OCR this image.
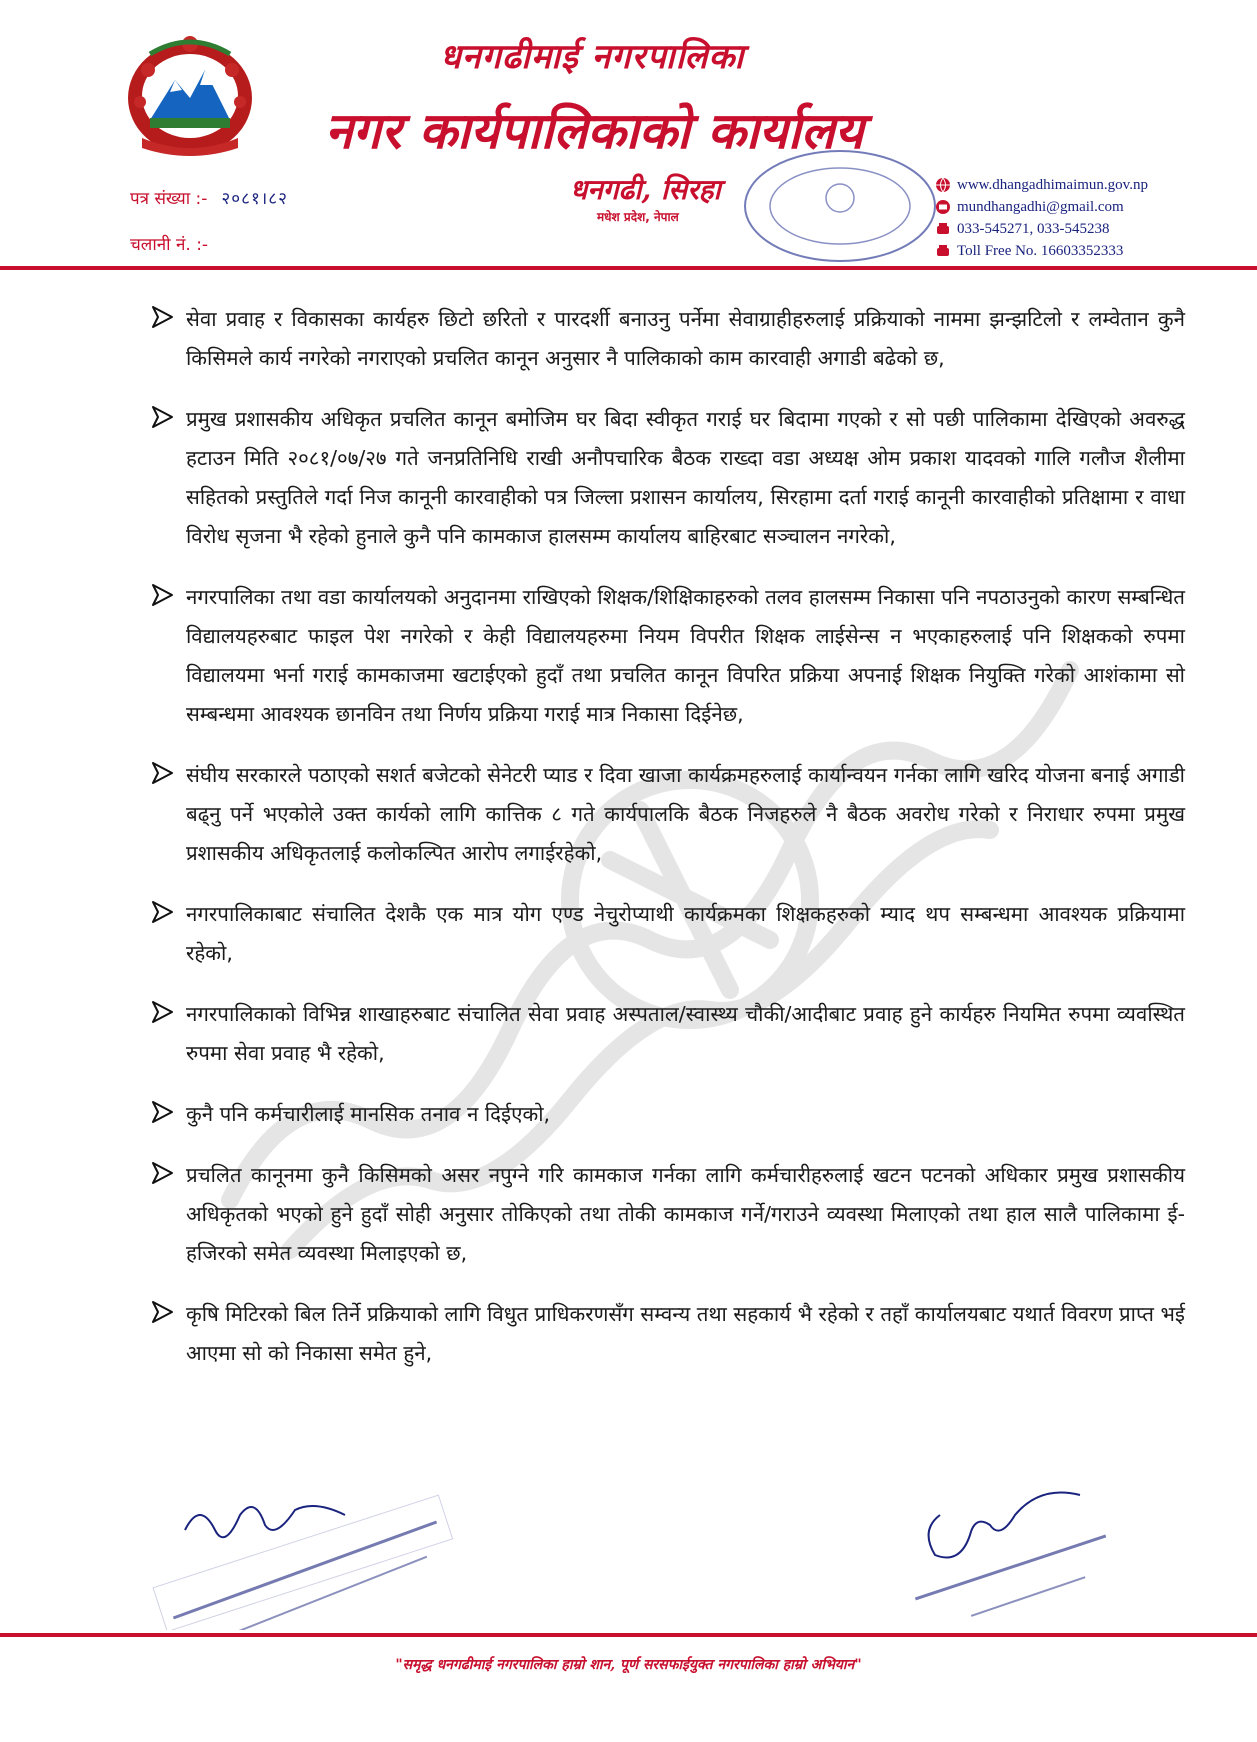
धनगढीमाई नगरपालिका
नगर कार्यपालिकाको कार्यालय
धनगढी, सिरहा
मधेश प्रदेश, नेपाल
पत्र संख्या :- २०८१।८२
चलानी नं. :-
www.dhangadhimaimun.gov.np
mundhangadhi@gmail.com
033-545271, 033-545238
Toll Free No. 16603352333
सेवा प्रवाह र विकासका कार्यहरु छिटो छरितो र पारदर्शी बनाउनु पर्नेमा सेवाग्राहीहरुलाई प्रक्रियाको नाममा झन्झटिलो र लम्वेतान कुनै किसिमले कार्य नगरेको नगराएको प्रचलित कानून अनुसार नै पालिकाको काम कारवाही अगाडी बढेको छ,
प्रमुख प्रशासकीय अधिकृत प्रचलित कानून बमोजिम घर बिदा स्वीकृत गराई घर बिदामा गएको र सो पछी पालिकामा देखिएको अवरुद्ध हटाउन मिति २०८१/०७/२७ गते जनप्रतिनिधि राखी अनौपचारिक बैठक राख्दा वडा अध्यक्ष ओम प्रकाश यादवको गालि गलौज शैलीमा सहितको प्रस्तुतिले गर्दा निज कानूनी कारवाहीको पत्र जिल्ला प्रशासन कार्यालय, सिरहामा दर्ता गराई कानूनी कारवाहीको प्रतिक्षामा र वाधा विरोध सृजना भै रहेको हुनाले कुनै पनि कामकाज हालसम्म कार्यालय बाहिरबाट सञ्चालन नगरेको,
नगरपालिका तथा वडा कार्यालयको अनुदानमा राखिएको शिक्षक/शिक्षिकाहरुको तलव हालसम्म निकासा पनि नपठाउनुको कारण सम्बन्धित विद्यालयहरुबाट फाइल पेश नगरेको र केही विद्यालयहरुमा नियम विपरीत शिक्षक लाईसेन्स न भएकाहरुलाई पनि शिक्षकको रुपमा विद्यालयमा भर्ना गराई कामकाजमा खटाईएको हुदाँ तथा प्रचलित कानून विपरित प्रक्रिया अपनाई शिक्षक नियुक्ति गरेको आशंकामा सो सम्बन्धमा आवश्यक छानविन तथा निर्णय प्रक्रिया गराई मात्र निकासा दिईनेछ,
संघीय सरकारले पठाएको सशर्त बजेटको सेनेटरी प्याड र दिवा खाजा कार्यक्रमहरुलाई कार्यान्वयन गर्नका लागि खरिद योजना बनाई अगाडी बढ्नु पर्ने भएकोले उक्त कार्यको लागि कात्तिक ८ गते कार्यपालकि बैठक निजहरुले नै बैठक अवरोध गरेको र निराधार रुपमा प्रमुख प्रशासकीय अधिकृतलाई कलोकल्पित आरोप लगाईरहेको,
नगरपालिकाबाट संचालित देशकै एक मात्र योग एण्ड नेचुरोप्याथी कार्यक्रमका शिक्षकहरुको म्याद थप सम्बन्धमा आवश्यक प्रक्रियामा रहेको,
नगरपालिकाको विभिन्न शाखाहरुबाट संचालित सेवा प्रवाह अस्पताल/स्वास्थ्य चौकी/आदीबाट प्रवाह हुने कार्यहरु नियमित रुपमा व्यवस्थित रुपमा सेवा प्रवाह भै रहेको,
कुनै पनि कर्मचारीलाई मानसिक तनाव न दिईएको,
प्रचलित कानूनमा कुनै किसिमको असर नपुग्ने गरि कामकाज गर्नका लागि कर्मचारीहरुलाई खटन पटनको अधिकार प्रमुख प्रशासकीय अधिकृतको भएको हुने हुदाँ सोही अनुसार तोकिएको तथा तोकी कामकाज गर्ने/गराउने व्यवस्था मिलाएको तथा हाल सालै पालिकामा ई-हजिरको समेत व्यवस्था मिलाइएको छ,
कृषि मिटिरको बिल तिर्ने प्रक्रियाको लागि विधुत प्राधिकरणसँग सम्वन्य तथा सहकार्य भै रहेको र तहाँ कार्यालयबाट यथार्त विवरण प्राप्त भई आएमा सो को निकासा समेत हुने,
"समृद्ध धनगढीमाई नगरपालिका हाम्रो शान, पूर्ण सरसफाईयुक्त नगरपालिका हाम्रो अभियान"
